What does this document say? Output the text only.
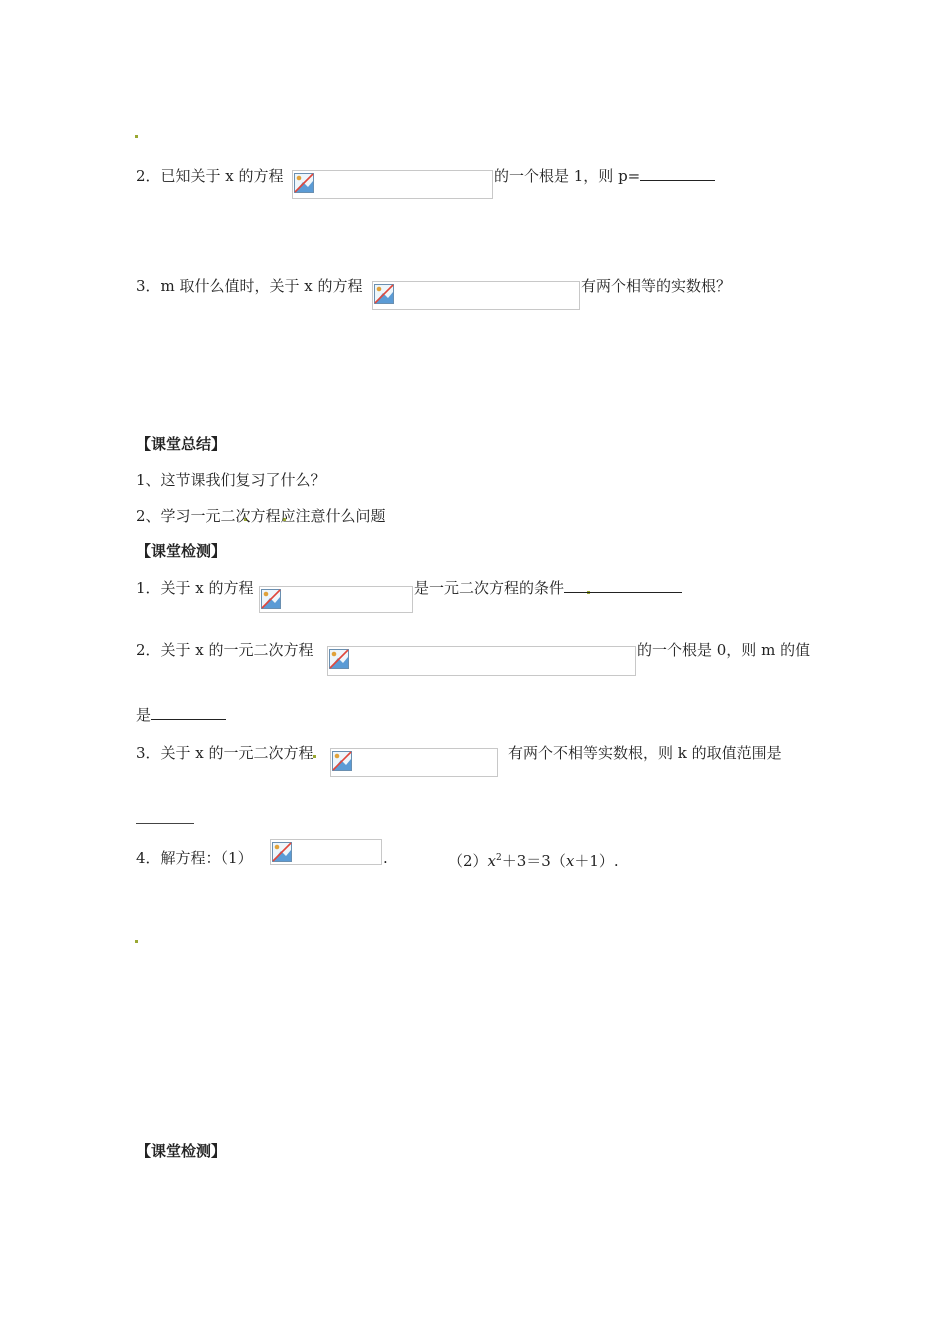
2．已知关于 x 的方程	的一个根是 1，则 p=
3．m 取什么值时，关于 x 的方程	有两个相等的实数根？
【课堂总结】
1、这节课我们复习了什么？
2、学习一元二次方程应注意什么问题
【课堂检测】
1．关于 x 的方程	是一元二次方程的条件
2．关于 x 的一元二次方程	的一个根是 0，则 m 的值
是
3．关于 x 的一元二次方程	有两个不相等实数根，则 k 的取值范围是
4．解方程：（1）	.	$(2)x^2+3=3(x+1)$.
【课堂检测】
